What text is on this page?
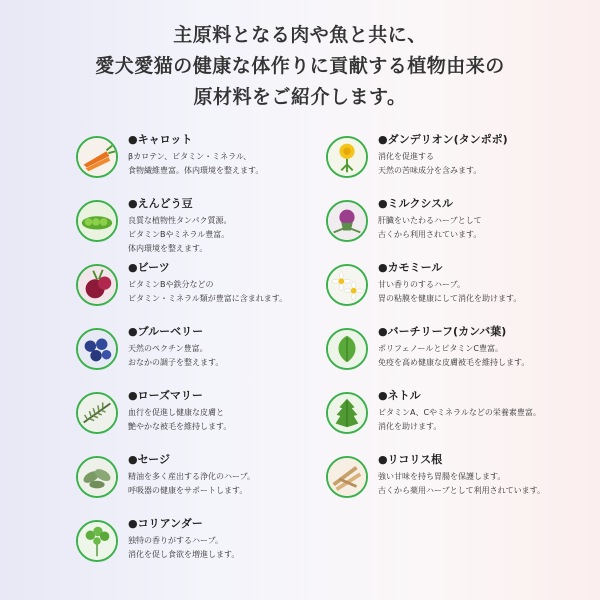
主原料となる肉や魚と共に、
愛犬愛猫の健康な体作りに貢献する植物由来の
原材料をご紹介します。
●キャロット
βカロテン、ビタミン・ミネラル、
食物繊維豊富。体内環境を整えます。
●えんどう豆
良質な植物性タンパク質源。
ビタミンBやミネラル豊富。
体内環境を整えます。
●ビーツ
ビタミンBや鉄分などの
ビタミン・ミネラル類が豊富に含まれます。
●ブルーベリー
天然のペクチン豊富。
おなかの調子を整えます。
●ローズマリー
血行を促進し健康な皮膚と
艶やかな被毛を維持します。
●セージ
精油を多く産出する浄化のハーブ。
呼吸器の健康をサポートします。
●コリアンダー
独特の香りがするハーブ。
消化を促し食欲を増進します。
●ダンデリオン(タンポポ)
消化を促進する
天然の苦味成分を含みます。
●ミルクシスル
肝臓をいたわるハーブとして
古くから利用されています。
●カモミール
甘い香りのするハーブ。
胃の粘膜を健康にして消化を助けます。
●バーチリーフ(カンバ葉)
ポリフェノールとビタミンC豊富。
免疫を高め健康な皮膚被毛を維持します。
●ネトル
ビタミンA、Cやミネラルなどの栄養素豊富。
消化を助けます。
●リコリス根
強い甘味を持ち胃腸を保護します。
古くから薬用ハーブとして利用されています。
